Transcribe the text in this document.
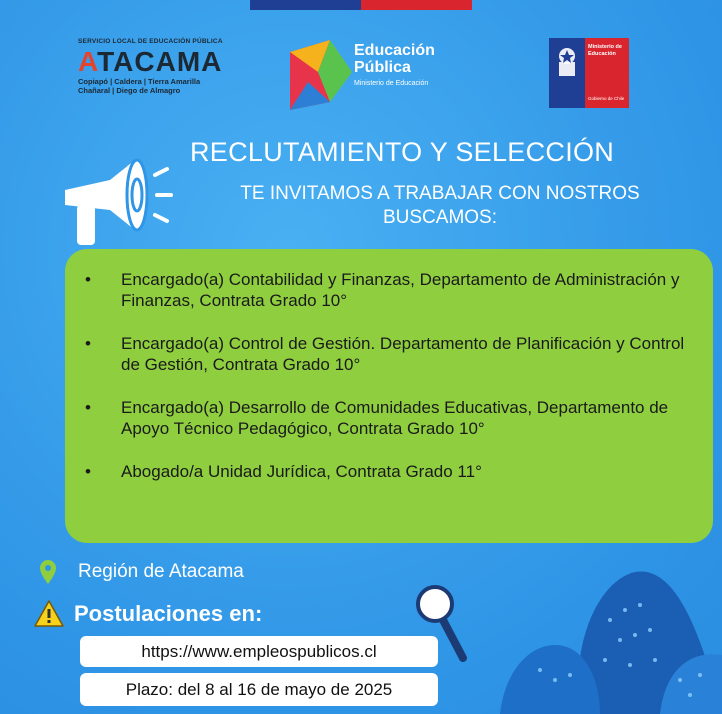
SERVICIO LOCAL DE EDUCACIÓN PÚBLICA
ATACAMA
Copiapó | Caldera | Tierra Amarilla
Chañaral | Diego de Almagro
Educación
Pública
Ministerio de Educación
Ministerio de Educación
Gobierno de Chile
RECLUTAMIENTO Y SELECCIÓN
TE INVITAMOS A TRABAJAR CON NOSTROS
BUSCAMOS:
• Encargado(a) Contabilidad y Finanzas, Departamento de Administración y Finanzas, Contrata Grado 10°
• Encargado(a) Control de Gestión. Departamento de Planificación y Control de Gestión, Contrata Grado 10°
• Encargado(a) Desarrollo de Comunidades Educativas, Departamento de Apoyo Técnico Pedagógico, Contrata Grado 10°
• Abogado/a Unidad Jurídica, Contrata Grado 11°
Región de Atacama
Postulaciones en:
https://www.empleospublicos.cl
Plazo: del 8 al 16 de mayo de 2025
